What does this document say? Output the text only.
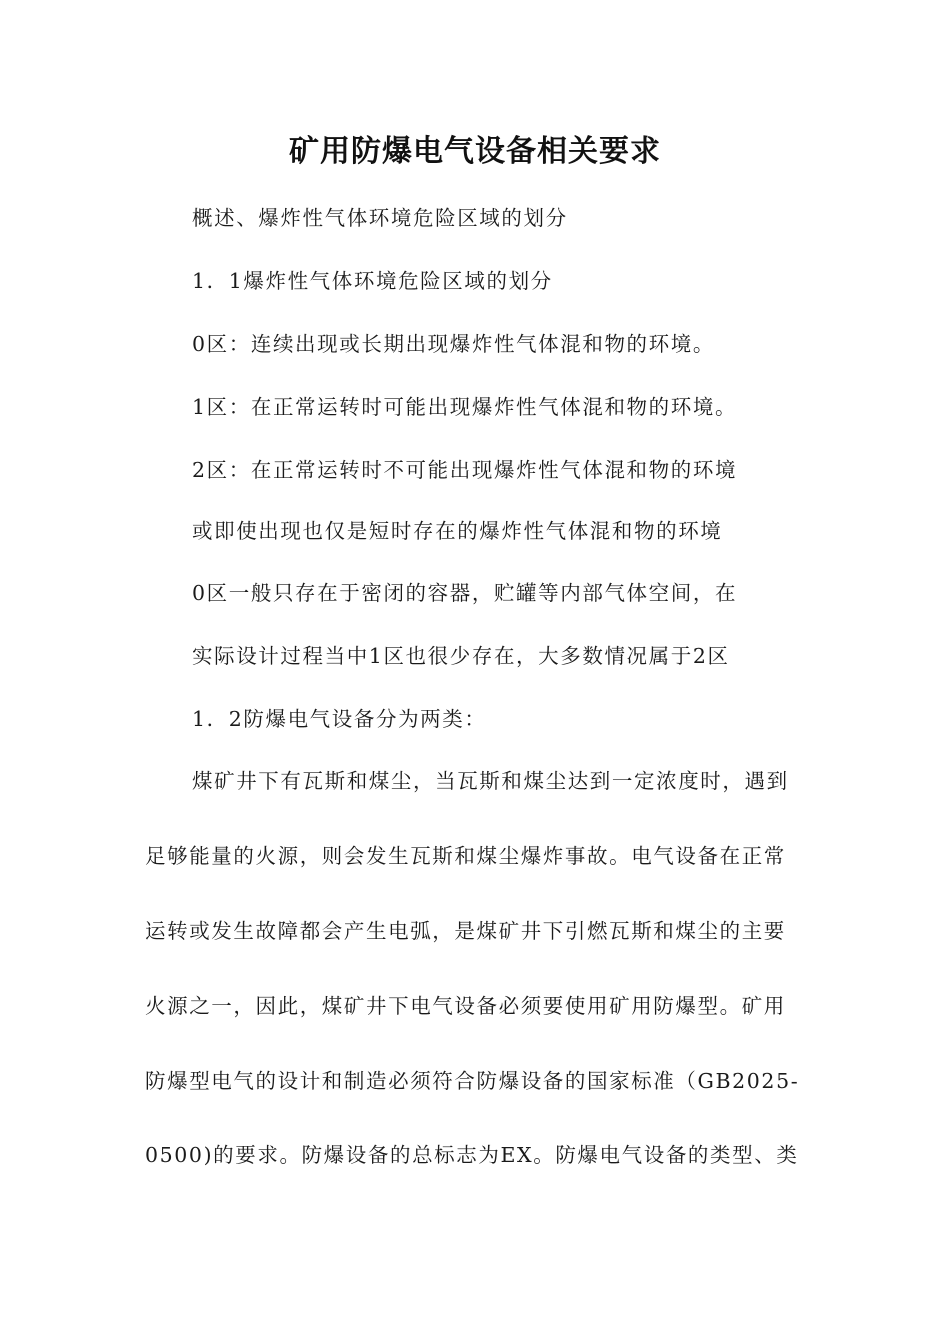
矿用防爆电气设备相关要求
概述、爆炸性气体环境危险区域的划分
1．1爆炸性气体环境危险区域的划分
0区：连续出现或长期出现爆炸性气体混和物的环境。
1区：在正常运转时可能出现爆炸性气体混和物的环境。
2区：在正常运转时不可能出现爆炸性气体混和物的环境
或即使出现也仅是短时存在的爆炸性气体混和物的环境
0区一般只存在于密闭的容器，贮罐等内部气体空间，在
实际设计过程当中1区也很少存在，大多数情况属于2区
1．2防爆电气设备分为两类：
煤矿井下有瓦斯和煤尘，当瓦斯和煤尘达到一定浓度时，遇到
足够能量的火源，则会发生瓦斯和煤尘爆炸事故。电气设备在正常
运转或发生故障都会产生电弧，是煤矿井下引燃瓦斯和煤尘的主要
火源之一，因此，煤矿井下电气设备必须要使用矿用防爆型。矿用
防爆型电气的设计和制造必须符合防爆设备的国家标准（GB2025-
0500)的要求。防爆设备的总标志为EX。防爆电气设备的类型、类
